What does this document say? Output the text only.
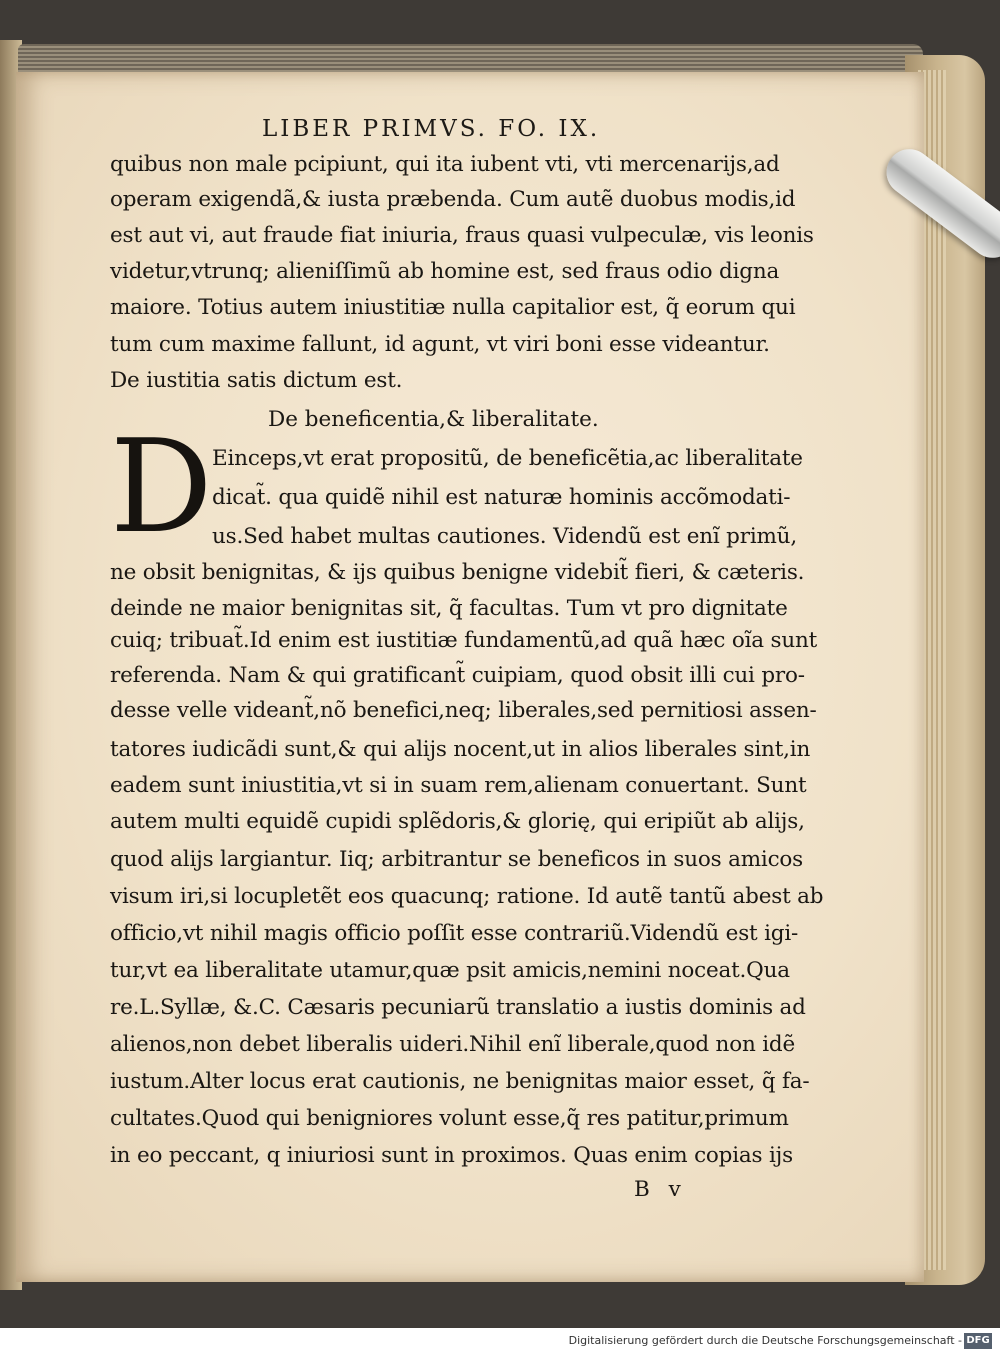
LIBER PRIMVS. FO. IX.
quibus non male pcipiunt, qui ita iubent vti, vti mercenarijs,ad
operam exigendã,& iusta præbenda. Cum autẽ duobus modis,id
est aut vi, aut fraude fiat iniuria, fraus quasi vulpeculæ, vis leonis
videtur,vtrunq; alieniſſimũ ab homine est, sed fraus odio digna
maiore. Totius autem iniustitiæ nulla capitalior est, q̃ eorum qui
tum cum maxime fallunt, id agunt, vt viri boni esse videantur.
De iustitia satis dictum est.
De beneficentia,& liberalitate.
D Einceps,vt erat propositũ, de beneficẽtia,ac liberalitate
dicat̃. qua quidẽ nihil est naturæ hominis accõmodati-
us.Sed habet multas cautiones. Videndũ est enĩ primũ,
ne obsit benignitas, & ijs quibus benigne videbit̃ fieri, & cæteris.
deinde ne maior benignitas sit, q̃ facultas. Tum vt pro dignitate
cuiq; tribuat̃.Id enim est iustitiæ fundamentũ,ad quã hæc oĩa sunt
referenda. Nam & qui gratificant̃ cuipiam, quod obsit illi cui pro-
desse velle videant̃,nõ benefici,neq; liberales,sed pernitiosi assen-
tatores iudicãdi sunt,& qui alijs nocent,ut in alios liberales sint,in
eadem sunt iniustitia,vt si in suam rem,alienam conuertant. Sunt
autem multi equidẽ cupidi splẽdoris,& glorię, qui eripiũt ab alijs,
quod alijs largiantur. Iiq; arbitrantur se beneficos in suos amicos
visum iri,si locupletẽt eos quacunq; ratione. Id autẽ tantũ abest ab
officio,vt nihil magis officio poſſit esse contrariũ.Videndũ est igi-
tur,vt ea liberalitate utamur,quæ psit amicis,nemini noceat.Qua
re.L.Syllæ, &.C. Cæsaris pecuniarũ translatio a iustis dominis ad
alienos,non debet liberalis uideri.Nihil enĩ liberale,quod non idẽ
iustum.Alter locus erat cautionis, ne benignitas maior esset, q̃ fa-
cultates.Quod qui benigniores volunt esse,q̃ res patitur,primum
in eo peccant, q iniuriosi sunt in proximos. Quas enim copias ijs
B v
Digitalisierung gefördert durch die Deutsche Forschungsgemeinschaft - DFG
